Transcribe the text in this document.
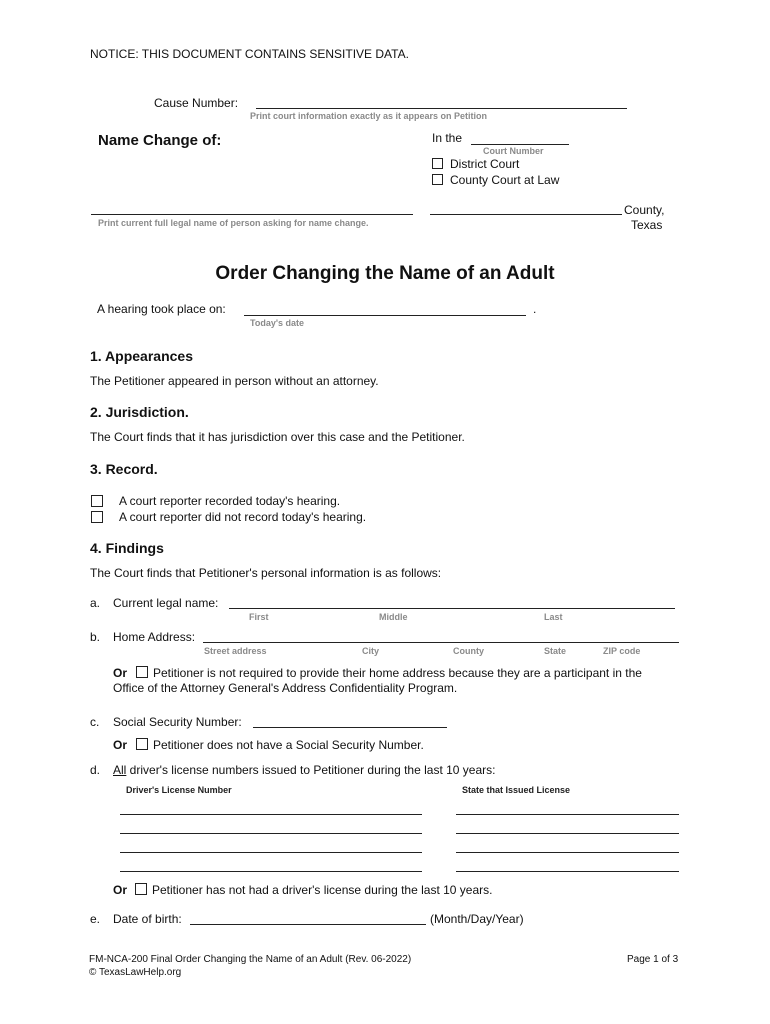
NOTICE: THIS DOCUMENT CONTAINS SENSITIVE DATA.
Cause Number:
Print court information exactly as it appears on Petition
Name Change of:	In the
Court Number
District Court
County Court at Law
Print current full legal name of person asking for name change.
County,
Texas
Order Changing the Name of an Adult
A hearing took place on:	.
Today's date
1. Appearances
The Petitioner appeared in person without an attorney.
2. Jurisdiction.
The Court finds that it has jurisdiction over this case and the Petitioner.
3. Record.
A court reporter recorded today's hearing.
A court reporter did not record today's hearing.
4. Findings
The Court finds that Petitioner's personal information is as follows:
a. Current legal name:
First	Middle	Last
b. Home Address:
Street address	City	County	State	ZIP code
Or Petitioner is not required to provide their home address because they are a participant in the
Office of the Attorney General's Address Confidentiality Program.
c. Social Security Number:
Or Petitioner does not have a Social Security Number.
d. All driver's license numbers issued to Petitioner during the last 10 years:
Driver's License Number	State that Issued License
Or Petitioner has not had a driver's license during the last 10 years.
e. Date of birth:	(Month/Day/Year)
FM-NCA-200 Final Order Changing the Name of an Adult (Rev. 06-2022)
© TexasLawHelp.org
Page 1 of 3
